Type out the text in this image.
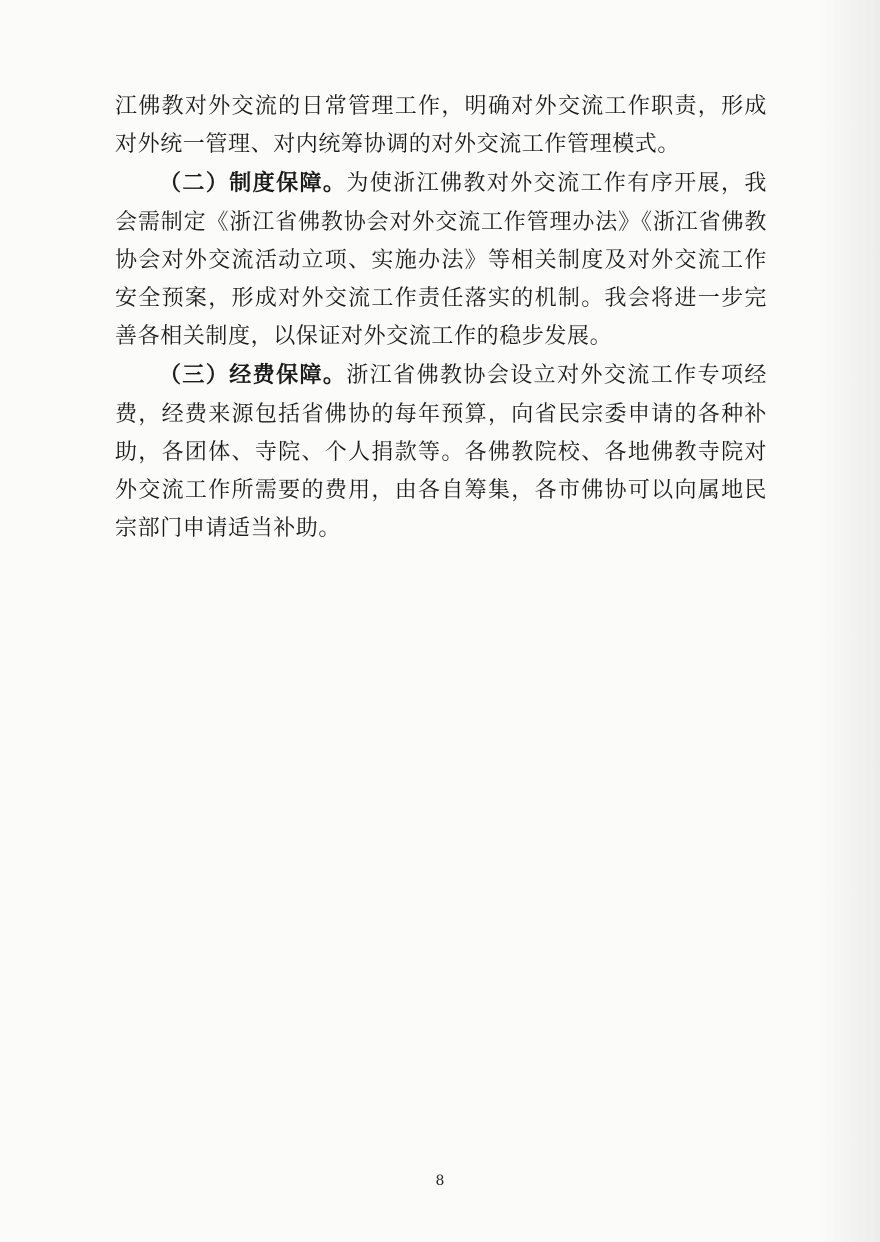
江佛教对外交流的日常管理工作，明确对外交流工作职责，形成对外统一管理、对内统筹协调的对外交流工作管理模式。

（二）制度保障。为使浙江佛教对外交流工作有序开展，我会需制定《浙江省佛教协会对外交流工作管理办法》《浙江省佛教协会对外交流活动立项、实施办法》等相关制度及对外交流工作安全预案，形成对外交流工作责任落实的机制。我会将进一步完善各相关制度，以保证对外交流工作的稳步发展。

（三）经费保障。浙江省佛教协会设立对外交流工作专项经费，经费来源包括省佛协的每年预算，向省民宗委申请的各种补助，各团体、寺院、个人捐款等。各佛教院校、各地佛教寺院对外交流工作所需要的费用，由各自筹集，各市佛协可以向属地民宗部门申请适当补助。

8
